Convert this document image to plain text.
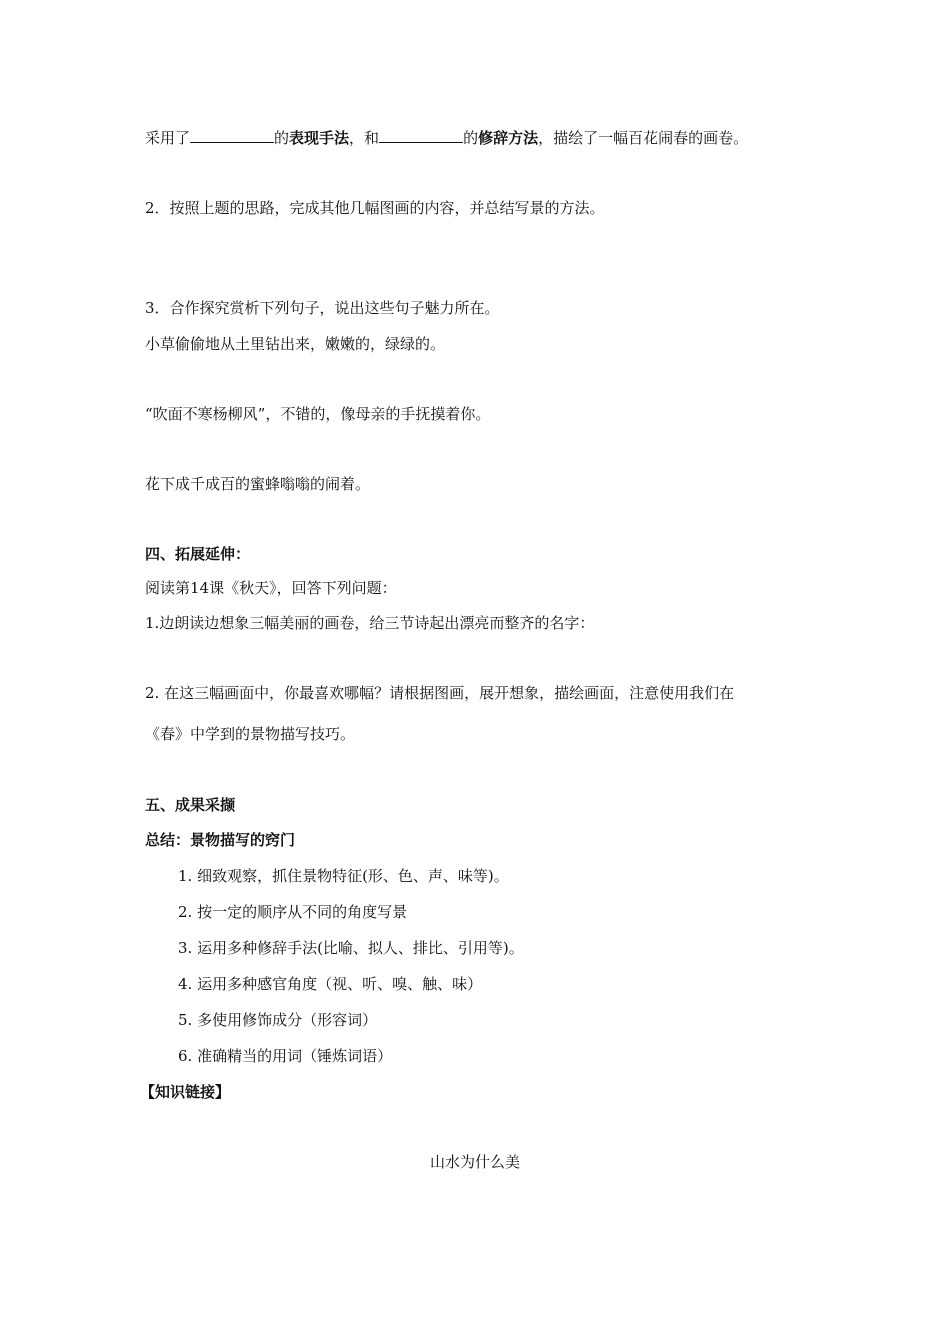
采用了	的表现手法，和	的修辞方法，描绘了一幅百花闹春的画卷。
2．按照上题的思路，完成其他几幅图画的内容，并总结写景的方法。
3．合作探究赏析下列句子，说出这些句子魅力所在。
小草偷偷地从土里钻出来，嫩嫩的，绿绿的。
“吹面不寒杨柳风”，不错的，像母亲的手抚摸着你。
花下成千成百的蜜蜂嗡嗡的闹着。
四、拓展延伸：
阅读第14课《秋天》，回答下列问题：
1.边朗读边想象三幅美丽的画卷，给三节诗起出漂亮而整齐的名字：
2. 在这三幅画面中，你最喜欢哪幅？请根据图画，展开想象，描绘画面，注意使用我们在
《春》中学到的景物描写技巧。
五、成果采撷
总结：景物描写的窍门
1. 细致观察，抓住景物特征(形、色、声、味等)。
2. 按一定的顺序从不同的角度写景
3. 运用多种修辞手法(比喻、拟人、排比、引用等)。
4. 运用多种感官角度（视、听、嗅、触、味）
5. 多使用修饰成分（形容词）
6. 准确精当的用词（锤炼词语）
【知识链接】
山水为什么美
